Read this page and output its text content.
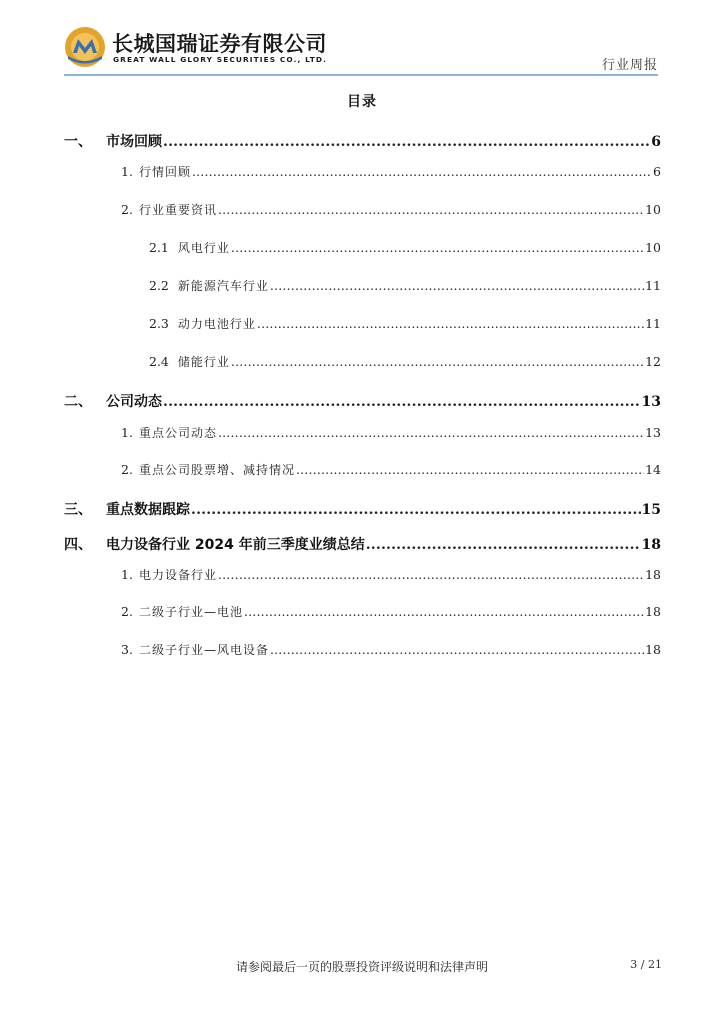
长城国瑞证券有限公司
GREAT WALL GLORY SECURITIES CO., LTD.	行业周报
目录
一、	市场回顾 .....	6
1. 行情回顾 .....	6
2. 行业重要资讯 .....	10
2.1 风电行业 .....	10
2.2 新能源汽车行业 .....	11
2.3 动力电池行业 .....	11
2.4 储能行业 .....	12
二、	公司动态 .....	13
1. 重点公司动态 .....	13
2. 重点公司股票增、减持情况 .....	14
三、	重点数据跟踪 .....	15
四、	电力设备行业 2024 年前三季度业绩总结 .....	18
1. 电力设备行业 .....	18
2. 二级子行业—电池 .....	18
3. 二级子行业—风电设备 .....	18
请参阅最后一页的股票投资评级说明和法律声明	3 / 21
